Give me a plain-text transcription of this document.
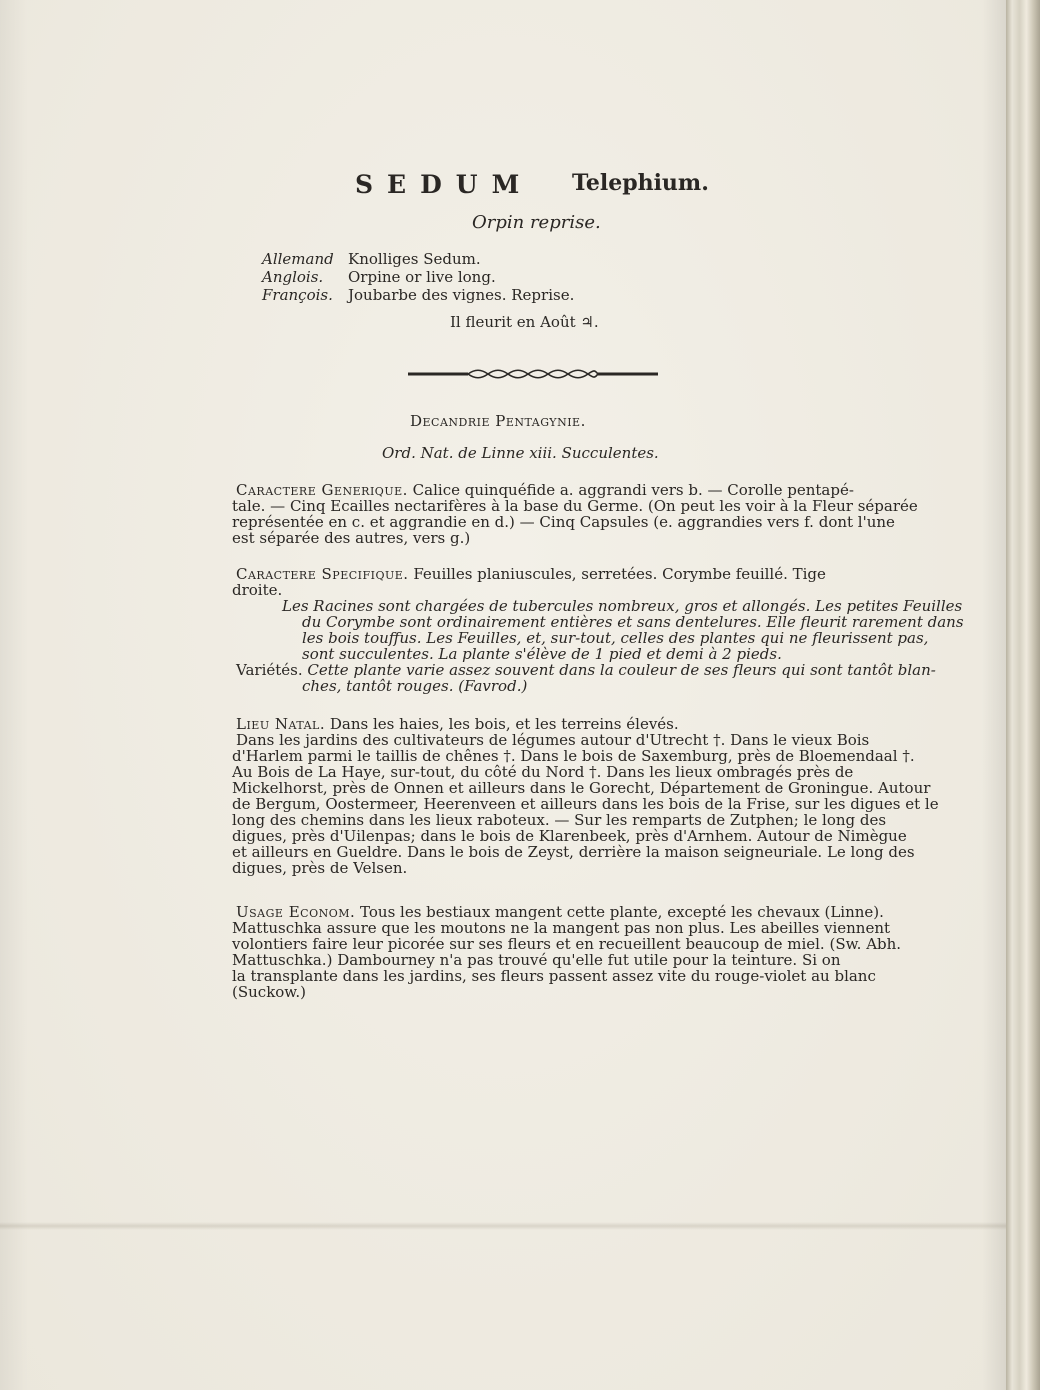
SEDUM Telephium.
Orpin reprise.
Allemand Knolliges Sedum.
Anglois. Orpine or live long.
François. Joubarbe des vignes. Reprise.
Il fleurit en Août ♃.
Decandrie Pentagynie.
Ord. Nat. de Linne xiii. Succulentes.
Caractere Generique. Calice quinquéfide a. aggrandi vers b. — Corolle pentapé-
tale. — Cinq Ecailles nectarifères à la base du Germe. (On peut les voir à la Fleur séparée
représentée en c. et aggrandie en d.) — Cinq Capsules (e. aggrandies vers f. dont l'une
est séparée des autres, vers g.)
Caractere Specifique. Feuilles planiuscules, serretées. Corymbe feuillé. Tige
droite.
Les Racines sont chargées de tubercules nombreux, gros et allongés. Les petites Feuilles
du Corymbe sont ordinairement entières et sans dentelures. Elle fleurit rarement dans
les bois touffus. Les Feuilles, et, sur-tout, celles des plantes qui ne fleurissent pas,
sont succulentes. La plante s'élève de 1 pied et demi à 2 pieds.
Variétés. Cette plante varie assez souvent dans la couleur de ses fleurs qui sont tantôt blan-
ches, tantôt rouges. (Favrod.)
Lieu Natal. Dans les haies, les bois, et les terreins élevés.
Dans les jardins des cultivateurs de légumes autour d'Utrecht †. Dans le vieux Bois
d'Harlem parmi le taillis de chênes †. Dans le bois de Saxemburg, près de Bloemendaal †.
Au Bois de La Haye, sur-tout, du côté du Nord †. Dans les lieux ombragés près de
Mickelhorst, près de Onnen et ailleurs dans le Gorecht, Département de Groningue. Autour
de Bergum, Oostermeer, Heerenveen et ailleurs dans les bois de la Frise, sur les digues et le
long des chemins dans les lieux raboteux. — Sur les remparts de Zutphen; le long des
digues, près d'Uilenpas; dans le bois de Klarenbeek, près d'Arnhem. Autour de Nimègue
et ailleurs en Gueldre. Dans le bois de Zeyst, derrière la maison seigneuriale. Le long des
digues, près de Velsen.
Usage Econom. Tous les bestiaux mangent cette plante, excepté les chevaux (Linne).
Mattuschka assure que les moutons ne la mangent pas non plus. Les abeilles viennent
volontiers faire leur picorée sur ses fleurs et en recueillent beaucoup de miel. (Sw. Abh.
Mattuschka.) Dambourney n'a pas trouvé qu'elle fut utile pour la teinture. Si on
la transplante dans les jardins, ses fleurs passent assez vite du rouge-violet au blanc
(Suckow.)
